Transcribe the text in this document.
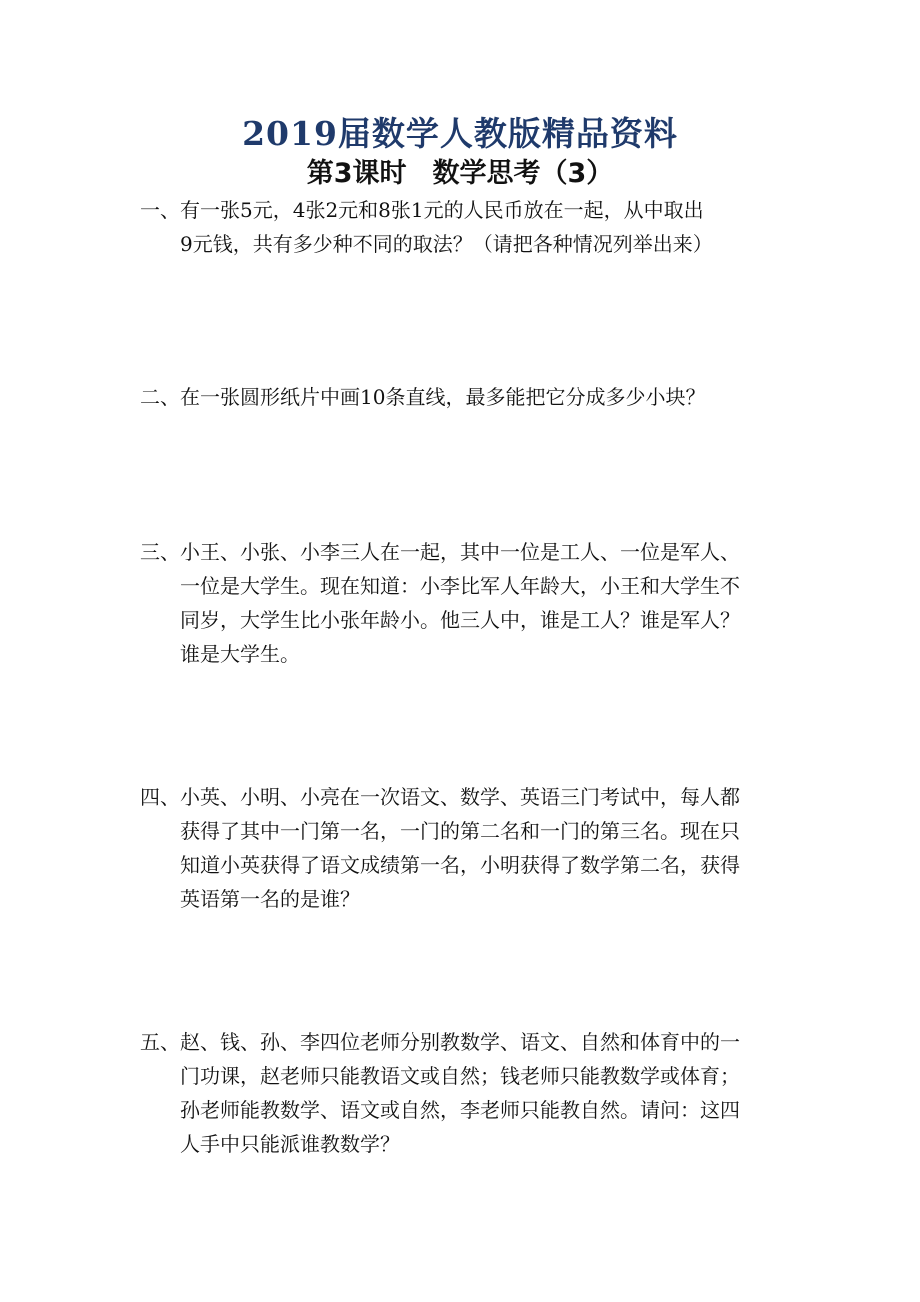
2019届数学人教版精品资料
第3课时 数学思考（3）
一、有一张5元，4张2元和8张1元的人民币放在一起，从中取出
9元钱，共有多少种不同的取法？（请把各种情况列举出来）
二、在一张圆形纸片中画10条直线，最多能把它分成多少小块？
三、小王、小张、小李三人在一起，其中一位是工人、一位是军人、
一位是大学生。现在知道：小李比军人年龄大，小王和大学生不
同岁，大学生比小张年龄小。他三人中，谁是工人？谁是军人？
谁是大学生。
四、小英、小明、小亮在一次语文、数学、英语三门考试中，每人都
获得了其中一门第一名，一门的第二名和一门的第三名。现在只
知道小英获得了语文成绩第一名，小明获得了数学第二名，获得
英语第一名的是谁？
五、赵、钱、孙、李四位老师分别教数学、语文、自然和体育中的一
门功课，赵老师只能教语文或自然；钱老师只能教数学或体育；
孙老师能教数学、语文或自然，李老师只能教自然。请问：这四
人手中只能派谁教数学？
